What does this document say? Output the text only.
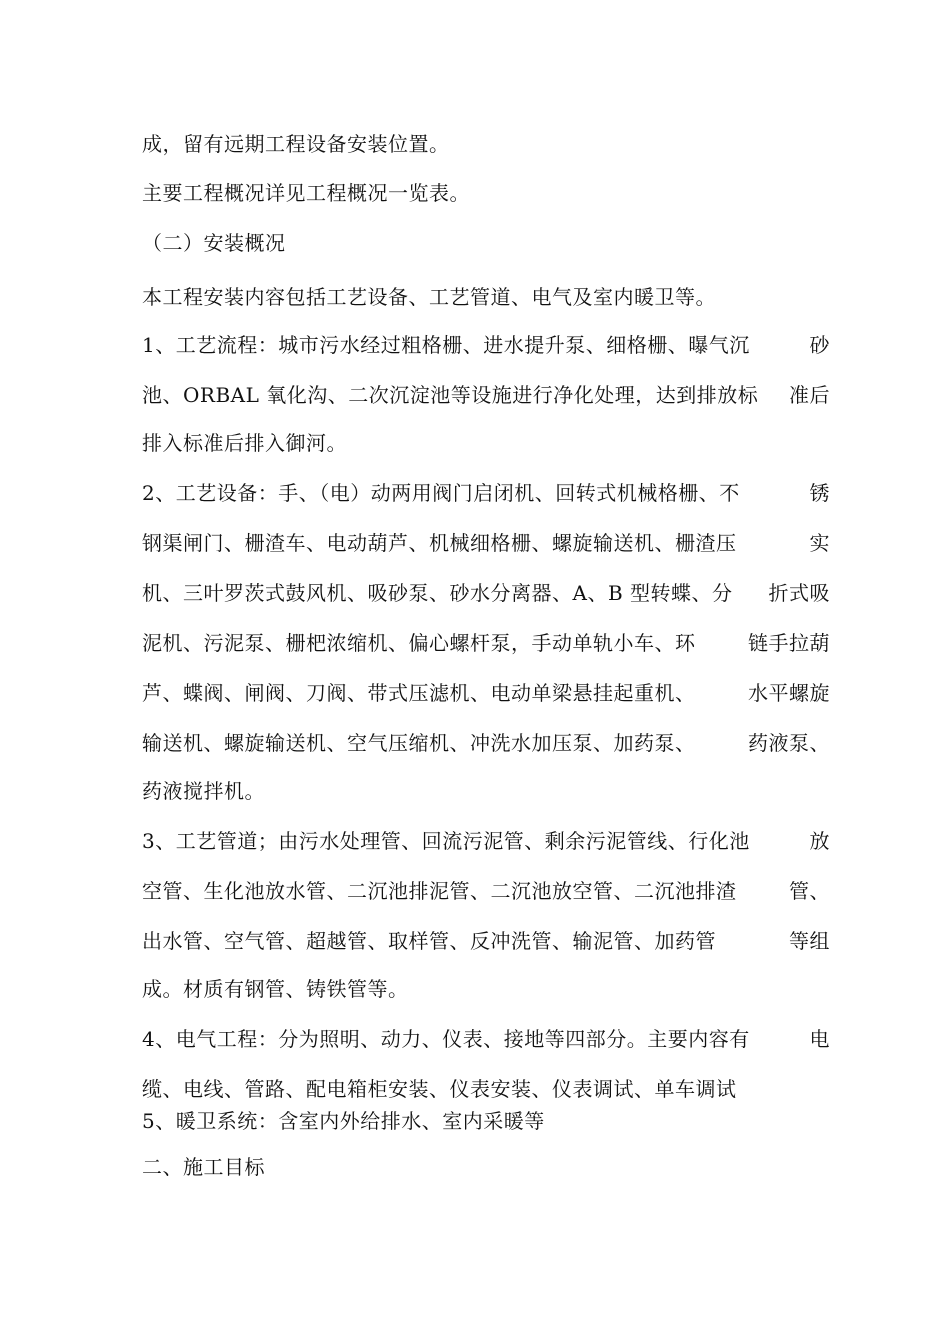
成，留有远期工程设备安装位置。
主要工程概况详见工程概况一览表。
（二）安装概况
本工程安装内容包括工艺设备、工艺管道、电气及室内暖卫等。
1、工艺流程：城市污水经过粗格栅、进水提升泵、细格栅、曝气沉	砂
池、ORBAL 氧化沟、二次沉淀池等设施进行净化处理，达到排放标 准后
排入标准后排入御河。
2、工艺设备：手、（电）动两用阀门启闭机、回转式机械格栅、不	锈
钢渠闸门、栅渣车、电动葫芦、机械细格栅、螺旋输送机、栅渣压	实
机、三叶罗茨式鼓风机、吸砂泵、砂水分离器、A、B 型转蝶、分 折式吸
泥机、污泥泵、栅杷浓缩机、偏心螺杆泵，手动单轨小车、环	链手拉葫
芦、蝶阀、闸阀、刀阀、带式压滤机、电动单梁悬挂起重机、	水平螺旋
输送机、螺旋输送机、空气压缩机、冲洗水加压泵、加药泵、	药液泵、
药液搅拌机。
3、工艺管道；由污水处理管、回流污泥管、剩余污泥管线、行化池	放
空管、生化池放水管、二沉池排泥管、二沉池放空管、二沉池排渣	管、
出水管、空气管、超越管、取样管、反冲洗管、输泥管、加药管	等组
成。材质有钢管、铸铁管等。
4、电气工程：分为照明、动力、仪表、接地等四部分。主要内容有	电
缆、电线、管路、配电箱柜安装、仪表安装、仪表调试、单车调试
5、暖卫系统：含室内外给排水、室内采暖等
二、施工目标
